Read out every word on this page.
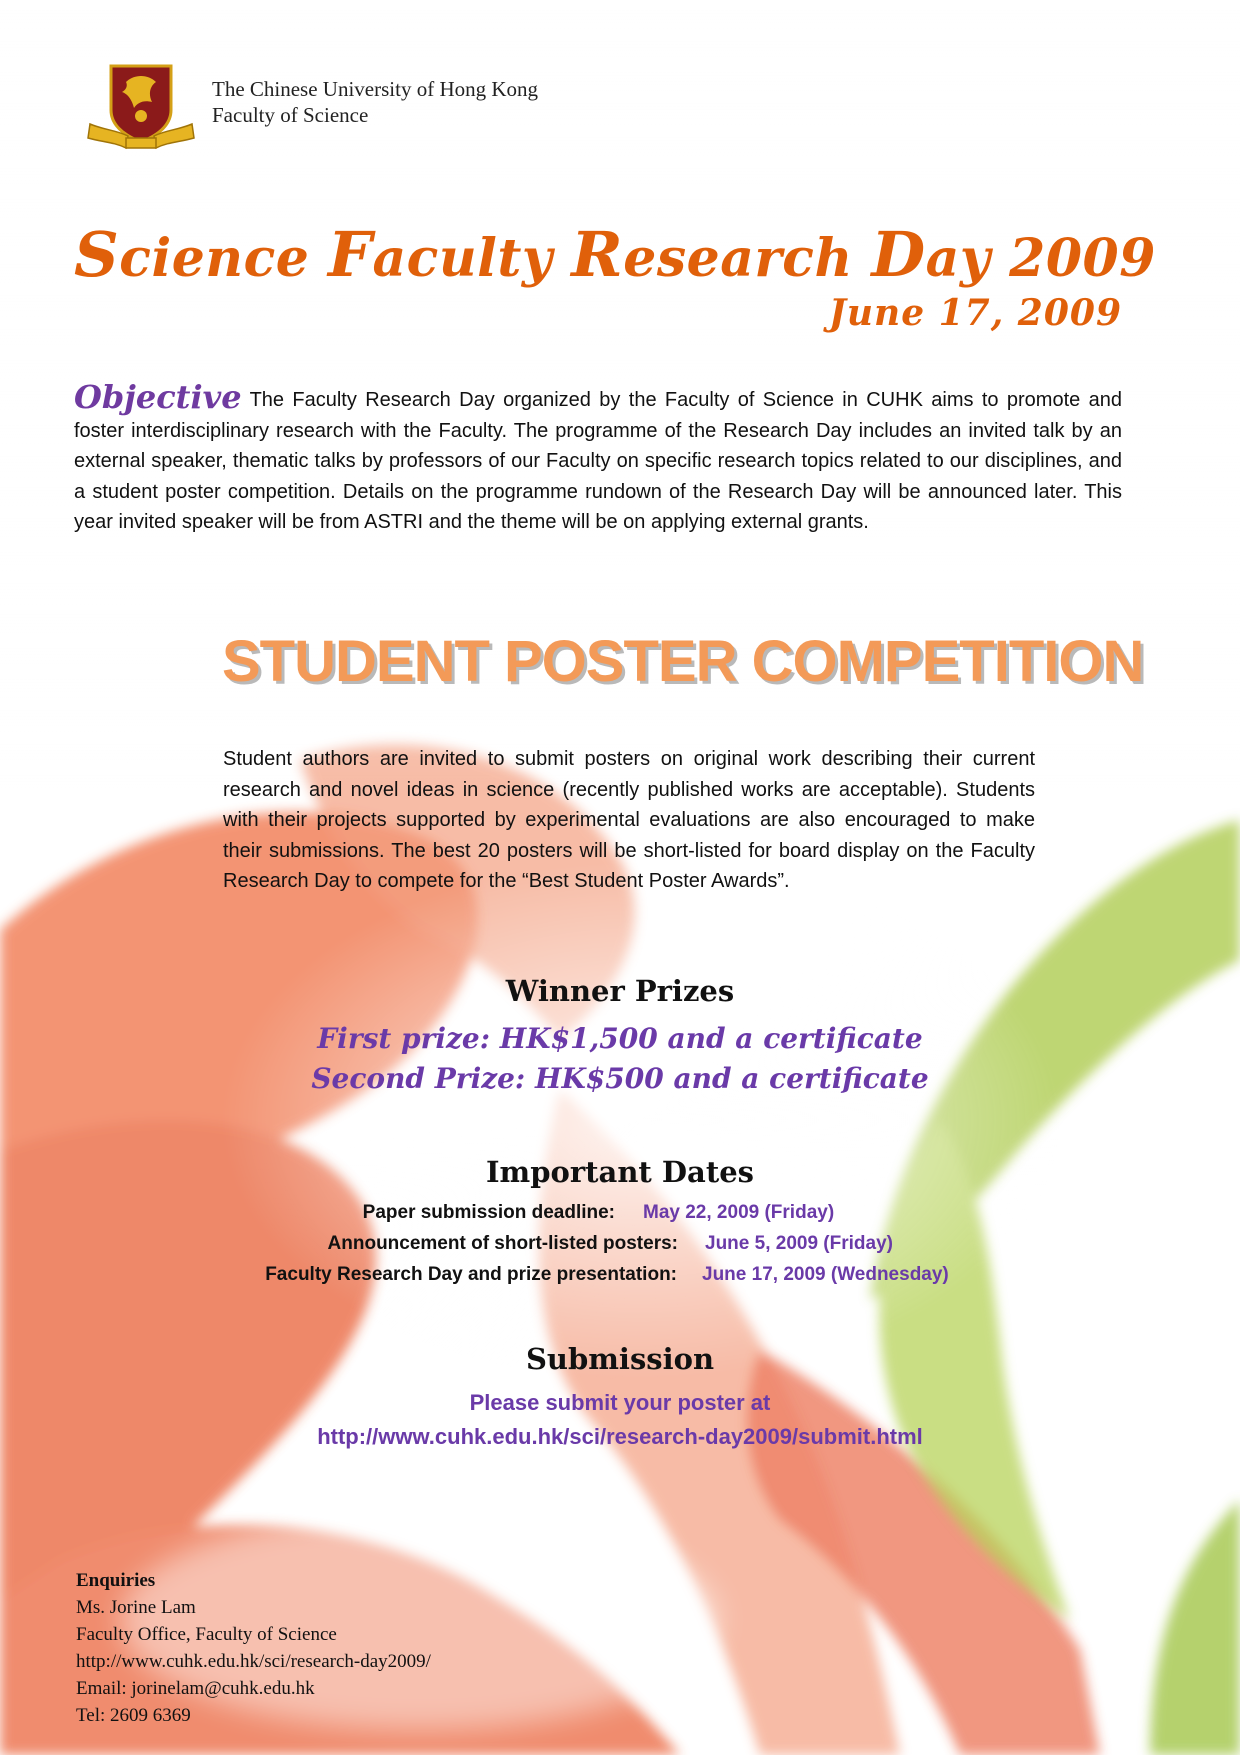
The Chinese University of Hong Kong
Faculty of Science
Science Faculty Research Day 2009
June 17, 2009
Objective The Faculty Research Day organized by the Faculty of Science in CUHK aims to promote and foster interdisciplinary research with the Faculty. The programme of the Research Day includes an invited talk by an external speaker, thematic talks by professors of our Faculty on specific research topics related to our disciplines, and a student poster competition. Details on the programme rundown of the Research Day will be announced later. This year invited speaker will be from ASTRI and the theme will be on applying external grants.
STUDENT POSTER COMPETITION
Student authors are invited to submit posters on original work describing their current research and novel ideas in science (recently published works are acceptable). Students with their projects supported by experimental evaluations are also encouraged to make their submissions. The best 20 posters will be short-listed for board display on the Faculty Research Day to compete for the “Best Student Poster Awards”.
Winner Prizes
First prize: HK$1,500 and a certificate
Second Prize: HK$500 and a certificate
Important Dates
Paper submission deadline: May 22, 2009 (Friday)
Announcement of short-listed posters: June 5, 2009 (Friday)
Faculty Research Day and prize presentation: June 17, 2009 (Wednesday)
Submission
Please submit your poster at
http://www.cuhk.edu.hk/sci/research-day2009/submit.html
Enquiries
Ms. Jorine Lam
Faculty Office, Faculty of Science
http://www.cuhk.edu.hk/sci/research-day2009/
Email: jorinelam@cuhk.edu.hk
Tel: 2609 6369
